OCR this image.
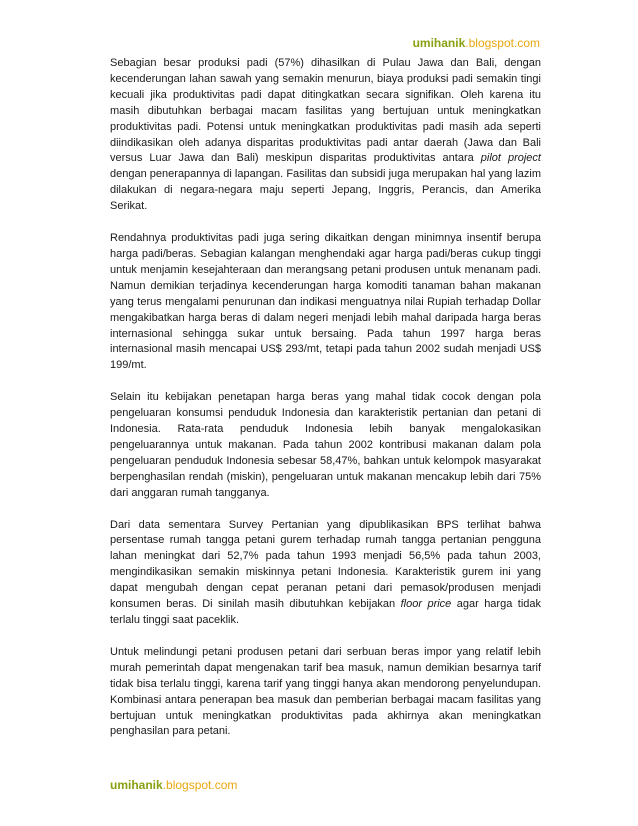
umihanik.blogspot.com

Sebagian besar produksi padi (57%) dihasilkan di Pulau Jawa dan Bali, dengan kecenderungan lahan sawah yang semakin menurun, biaya produksi padi semakin tingi kecuali jika produktivitas padi dapat ditingkatkan secara signifikan. Oleh karena itu masih dibutuhkan berbagai macam fasilitas yang bertujuan untuk meningkatkan produktivitas padi. Potensi untuk meningkatkan produktivitas padi masih ada seperti diindikasikan oleh adanya disparitas produktivitas padi antar daerah (Jawa dan Bali versus Luar Jawa dan Bali) meskipun disparitas produktivitas antara pilot project dengan penerapannya di lapangan. Fasilitas dan subsidi juga merupakan hal yang lazim dilakukan di negara-negara maju seperti Jepang, Inggris, Perancis, dan Amerika Serikat.

Rendahnya produktivitas padi juga sering dikaitkan dengan minimnya insentif berupa harga padi/beras. Sebagian kalangan menghendaki agar harga padi/beras cukup tinggi untuk menjamin kesejahteraan dan merangsang petani produsen untuk menanam padi. Namun demikian terjadinya kecenderungan harga komoditi tanaman bahan makanan yang terus mengalami penurunan dan indikasi menguatnya nilai Rupiah terhadap Dollar mengakibatkan harga beras di dalam negeri menjadi lebih mahal daripada harga beras internasional sehingga sukar untuk bersaing. Pada tahun 1997 harga beras internasional masih mencapai US$ 293/mt, tetapi pada tahun 2002 sudah menjadi US$ 199/mt.

Selain itu kebijakan penetapan harga beras yang mahal tidak cocok dengan pola pengeluaran konsumsi penduduk Indonesia dan karakteristik pertanian dan petani di Indonesia. Rata-rata penduduk Indonesia lebih banyak mengalokasikan pengeluarannya untuk makanan. Pada tahun 2002 kontribusi makanan dalam pola pengeluaran penduduk Indonesia sebesar 58,47%, bahkan untuk kelompok masyarakat berpenghasilan rendah (miskin), pengeluaran untuk makanan mencakup lebih dari 75% dari anggaran rumah tangganya.

Dari data sementara Survey Pertanian yang dipublikasikan BPS terlihat bahwa persentase rumah tangga petani gurem terhadap rumah tangga pertanian pengguna lahan meningkat dari 52,7% pada tahun 1993 menjadi 56,5% pada tahun 2003, mengindikasikan semakin miskinnya petani Indonesia. Karakteristik gurem ini yang dapat mengubah dengan cepat peranan petani dari pemasok/produsen menjadi konsumen beras. Di sinilah masih dibutuhkan kebijakan floor price agar harga tidak terlalu tinggi saat paceklik.

Untuk melindungi petani produsen petani dari serbuan beras impor yang relatif lebih murah pemerintah dapat mengenakan tarif bea masuk, namun demikian besarnya tarif tidak bisa terlalu tinggi, karena tarif yang tinggi hanya akan mendorong penyelundupan. Kombinasi antara penerapan bea masuk dan pemberian berbagai macam fasilitas yang bertujuan untuk meningkatkan produktivitas pada akhirnya akan meningkatkan penghasilan para petani.

umihanik.blogspot.com
